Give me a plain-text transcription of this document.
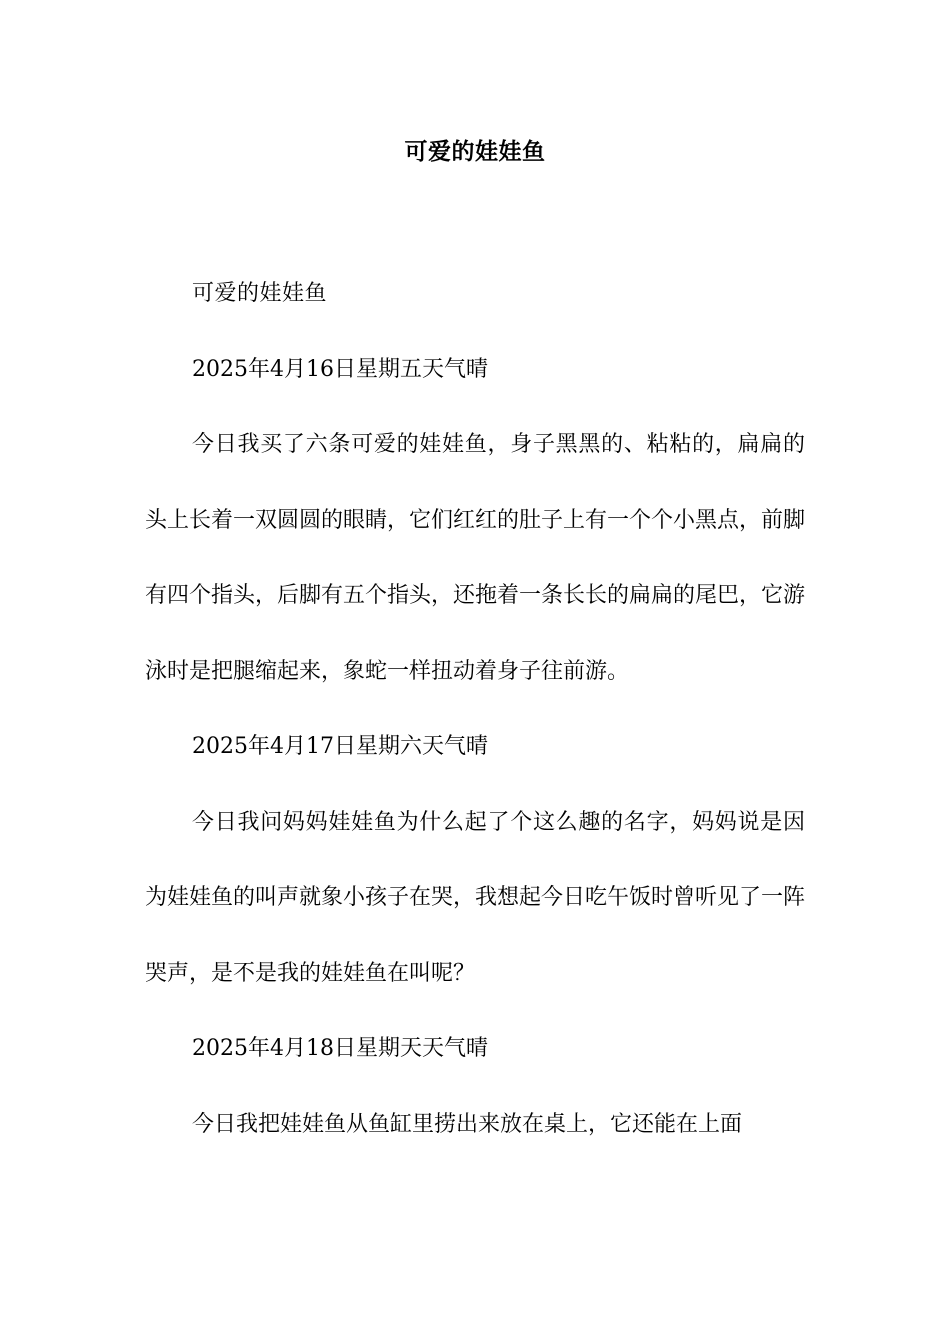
可爱的娃娃鱼

可爱的娃娃鱼

2025年4月16日星期五天气晴

今日我买了六条可爱的娃娃鱼，身子黑黑的、粘粘的，扁扁的头上长着一双圆圆的眼睛，它们红红的肚子上有一个个小黑点，前脚有四个指头，后脚有五个指头，还拖着一条长长的扁扁的尾巴，它游泳时是把腿缩起来，象蛇一样扭动着身子往前游。

2025年4月17日星期六天气晴

今日我问妈妈娃娃鱼为什么起了个这么趣的名字，妈妈说是因为娃娃鱼的叫声就象小孩子在哭，我想起今日吃午饭时曾听见了一阵哭声，是不是我的娃娃鱼在叫呢？

2025年4月18日星期天天气晴

今日我把娃娃鱼从鱼缸里捞出来放在桌上，它还能在上面
